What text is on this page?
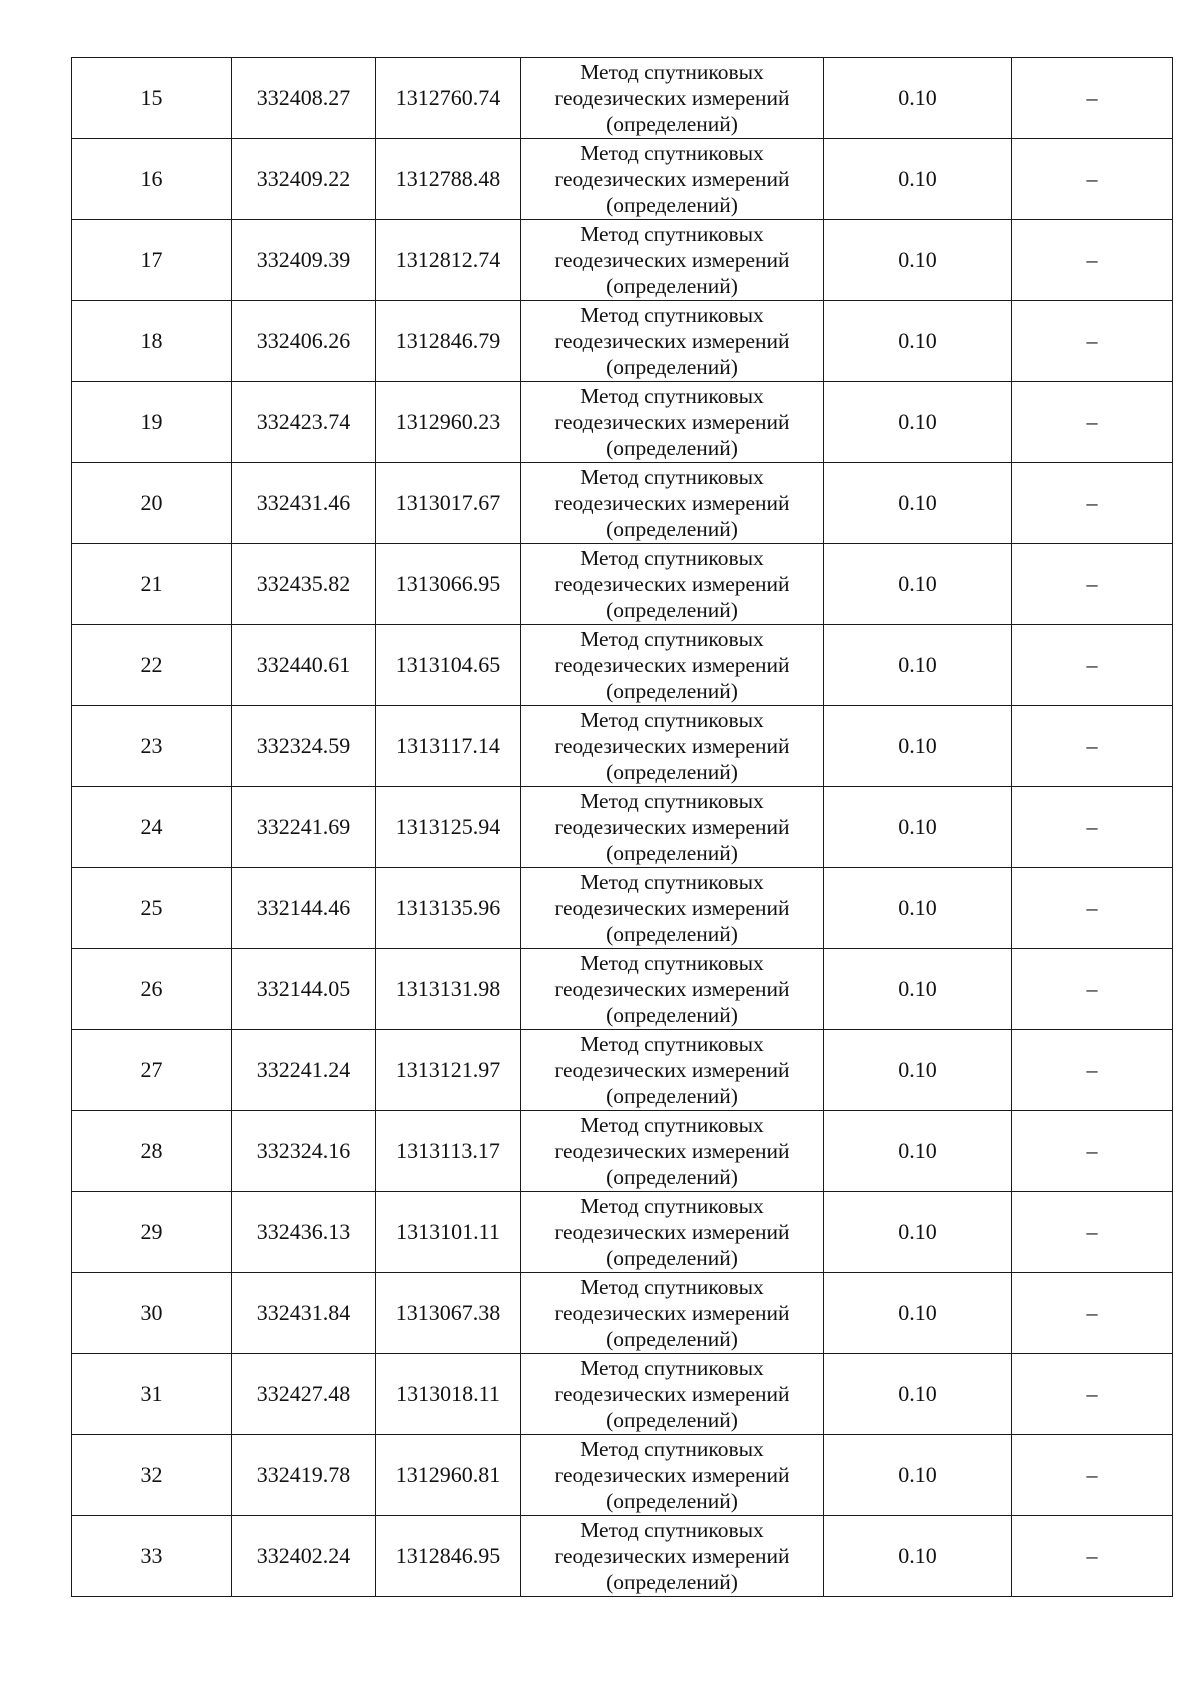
15	332408.27	1312760.74	Метод спутниковых
геодезических измерений
(определений)	0.10	–
16	332409.22	1312788.48	Метод спутниковых
геодезических измерений
(определений)	0.10	–
17	332409.39	1312812.74	Метод спутниковых
геодезических измерений
(определений)	0.10	–
18	332406.26	1312846.79	Метод спутниковых
геодезических измерений
(определений)	0.10	–
19	332423.74	1312960.23	Метод спутниковых
геодезических измерений
(определений)	0.10	–
20	332431.46	1313017.67	Метод спутниковых
геодезических измерений
(определений)	0.10	–
21	332435.82	1313066.95	Метод спутниковых
геодезических измерений
(определений)	0.10	–
22	332440.61	1313104.65	Метод спутниковых
геодезических измерений
(определений)	0.10	–
23	332324.59	1313117.14	Метод спутниковых
геодезических измерений
(определений)	0.10	–
24	332241.69	1313125.94	Метод спутниковых
геодезических измерений
(определений)	0.10	–
25	332144.46	1313135.96	Метод спутниковых
геодезических измерений
(определений)	0.10	–
26	332144.05	1313131.98	Метод спутниковых
геодезических измерений
(определений)	0.10	–
27	332241.24	1313121.97	Метод спутниковых
геодезических измерений
(определений)	0.10	–
28	332324.16	1313113.17	Метод спутниковых
геодезических измерений
(определений)	0.10	–
29	332436.13	1313101.11	Метод спутниковых
геодезических измерений
(определений)	0.10	–
30	332431.84	1313067.38	Метод спутниковых
геодезических измерений
(определений)	0.10	–
31	332427.48	1313018.11	Метод спутниковых
геодезических измерений
(определений)	0.10	–
32	332419.78	1312960.81	Метод спутниковых
геодезических измерений
(определений)	0.10	–
33	332402.24	1312846.95	Метод спутниковых
геодезических измерений
(определений)	0.10	–
